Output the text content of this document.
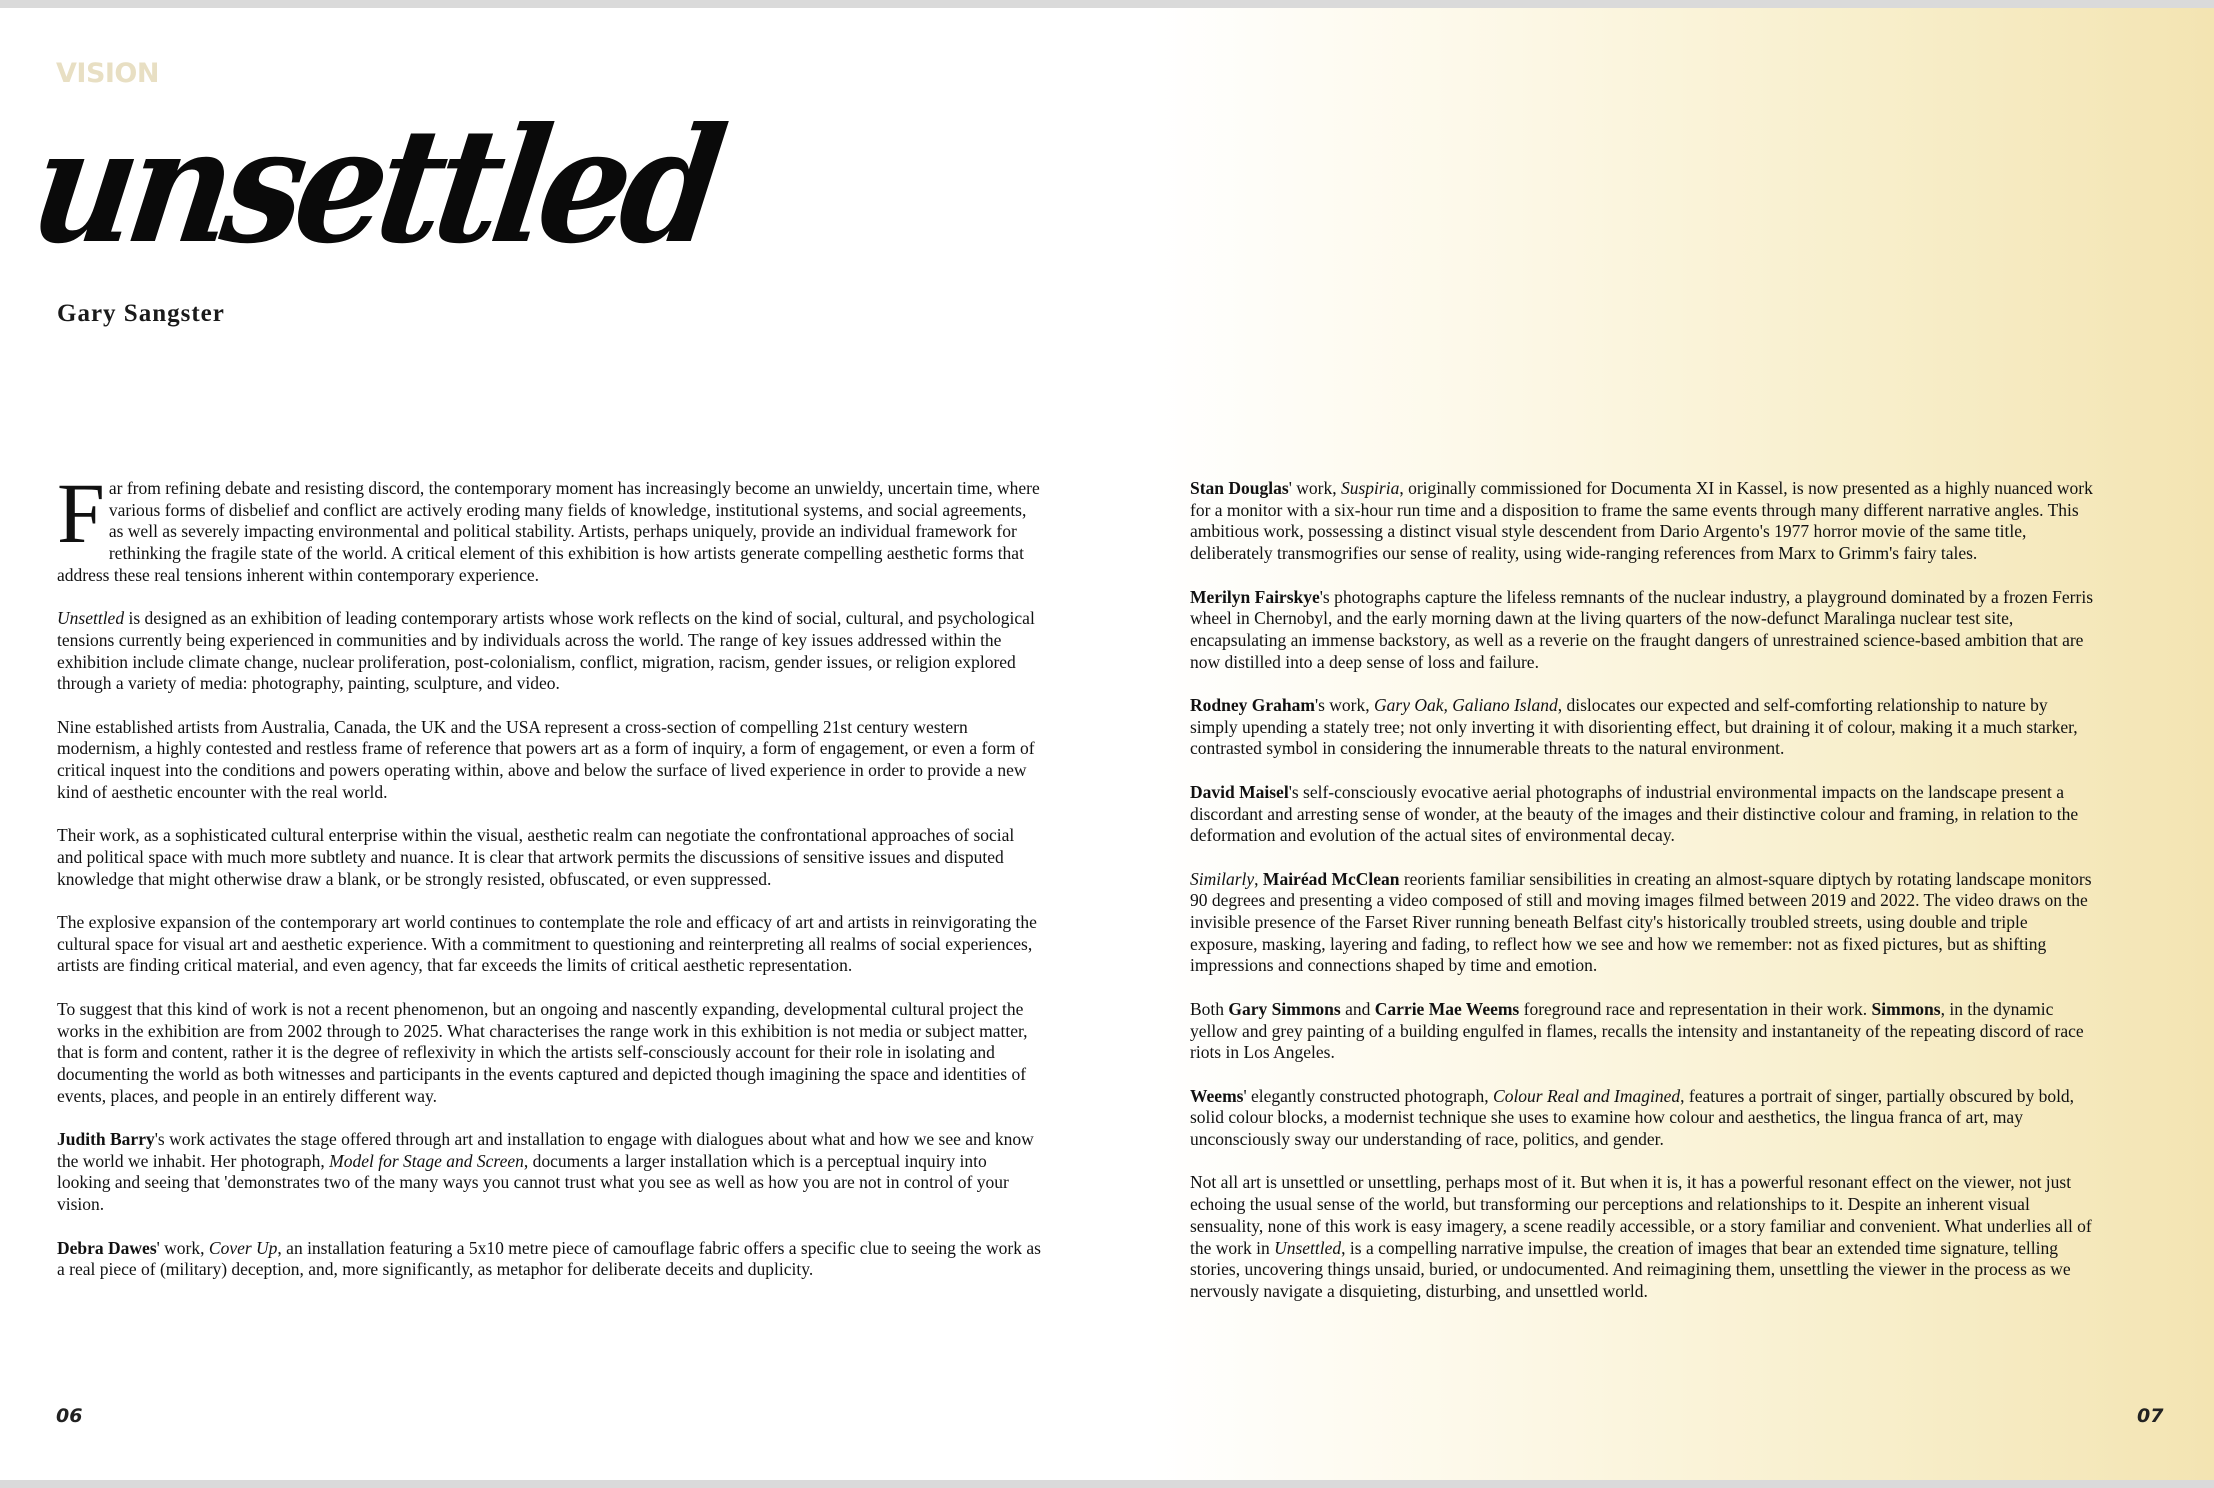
VISION
unsettled
Gary Sangster

Far from refining debate and resisting discord, the contemporary moment has increasingly become an unwieldy, uncertain time, where various forms of disbelief and conflict are actively eroding many fields of knowledge, institutional systems, and social agreements, as well as severely impacting environmental and political stability. Artists, perhaps uniquely, provide an individual framework for rethinking the fragile state of the world. A critical element of this exhibition is how artists generate compelling aesthetic forms that address these real tensions inherent within contemporary experience.

Unsettled is designed as an exhibition of leading contemporary artists whose work reflects on the kind of social, cultural, and psychological tensions currently being experienced in communities and by individuals across the world. The range of key issues addressed within the exhibition include climate change, nuclear proliferation, post-colonialism, conflict, migration, racism, gender issues, or religion explored through a variety of media: photography, painting, sculpture, and video.

Nine established artists from Australia, Canada, the UK and the USA represent a cross-section of compelling 21st century western modernism, a highly contested and restless frame of reference that powers art as a form of inquiry, a form of engagement, or even a form of critical inquest into the conditions and powers operating within, above and below the surface of lived experience in order to provide a new kind of aesthetic encounter with the real world.

Their work, as a sophisticated cultural enterprise within the visual, aesthetic realm can negotiate the confrontational approaches of social and political space with much more subtlety and nuance. It is clear that artwork permits the discussions of sensitive issues and disputed knowledge that might otherwise draw a blank, or be strongly resisted, obfuscated, or even suppressed.

The explosive expansion of the contemporary art world continues to contemplate the role and efficacy of art and artists in reinvigorating the cultural space for visual art and aesthetic experience. With a commitment to questioning and reinterpreting all realms of social experiences, artists are finding critical material, and even agency, that far exceeds the limits of critical aesthetic representation.

To suggest that this kind of work is not a recent phenomenon, but an ongoing and nascently expanding, developmental cultural project the works in the exhibition are from 2002 through to 2025. What characterises the range work in this exhibition is not media or subject matter, that is form and content, rather it is the degree of reflexivity in which the artists self-consciously account for their role in isolating and documenting the world as both witnesses and participants in the events captured and depicted though imagining the space and identities of events, places, and people in an entirely different way.

Judith Barry's work activates the stage offered through art and installation to engage with dialogues about what and how we see and know the world we inhabit. Her photograph, Model for Stage and Screen, documents a larger installation which is a perceptual inquiry into looking and seeing that 'demonstrates two of the many ways you cannot trust what you see as well as how you are not in control of your vision.

Debra Dawes' work, Cover Up, an installation featuring a 5x10 metre piece of camouflage fabric offers a specific clue to seeing the work as a real piece of (military) deception, and, more significantly, as metaphor for deliberate deceits and duplicity.

Stan Douglas' work, Suspiria, originally commissioned for Documenta XI in Kassel, is now presented as a highly nuanced work for a monitor with a six-hour run time and a disposition to frame the same events through many different narrative angles. This ambitious work, possessing a distinct visual style descendent from Dario Argento's 1977 horror movie of the same title, deliberately transmogrifies our sense of reality, using wide-ranging references from Marx to Grimm's fairy tales.

Merilyn Fairskye's photographs capture the lifeless remnants of the nuclear industry, a playground dominated by a frozen Ferris wheel in Chernobyl, and the early morning dawn at the living quarters of the now-defunct Maralinga nuclear test site, encapsulating an immense backstory, as well as a reverie on the fraught dangers of unrestrained science-based ambition that are now distilled into a deep sense of loss and failure.

Rodney Graham's work, Gary Oak, Galiano Island, dislocates our expected and self-comforting relationship to nature by simply upending a stately tree; not only inverting it with disorienting effect, but draining it of colour, making it a much starker, contrasted symbol in considering the innumerable threats to the natural environment.

David Maisel's self-consciously evocative aerial photographs of industrial environmental impacts on the landscape present a discordant and arresting sense of wonder, at the beauty of the images and their distinctive colour and framing, in relation to the deformation and evolution of the actual sites of environmental decay.

Similarly, Mairéad McClean reorients familiar sensibilities in creating an almost-square diptych by rotating landscape monitors 90 degrees and presenting a video composed of still and moving images filmed between 2019 and 2022. The video draws on the invisible presence of the Farset River running beneath Belfast city's historically troubled streets, using double and triple exposure, masking, layering and fading, to reflect how we see and how we remember: not as fixed pictures, but as shifting impressions and connections shaped by time and emotion.

Both Gary Simmons and Carrie Mae Weems foreground race and representation in their work. Simmons, in the dynamic yellow and grey painting of a building engulfed in flames, recalls the intensity and instantaneity of the repeating discord of race riots in Los Angeles.

Weems' elegantly constructed photograph, Colour Real and Imagined, features a portrait of singer, partially obscured by bold, solid colour blocks, a modernist technique she uses to examine how colour and aesthetics, the lingua franca of art, may unconsciously sway our understanding of race, politics, and gender.

Not all art is unsettled or unsettling, perhaps most of it. But when it is, it has a powerful resonant effect on the viewer, not just echoing the usual sense of the world, but transforming our perceptions and relationships to it. Despite an inherent visual sensuality, none of this work is easy imagery, a scene readily accessible, or a story familiar and convenient. What underlies all of the work in Unsettled, is a compelling narrative impulse, the creation of images that bear an extended time signature, telling stories, uncovering things unsaid, buried, or undocumented. And reimagining them, unsettling the viewer in the process as we nervously navigate a disquieting, disturbing, and unsettled world.

06	07
